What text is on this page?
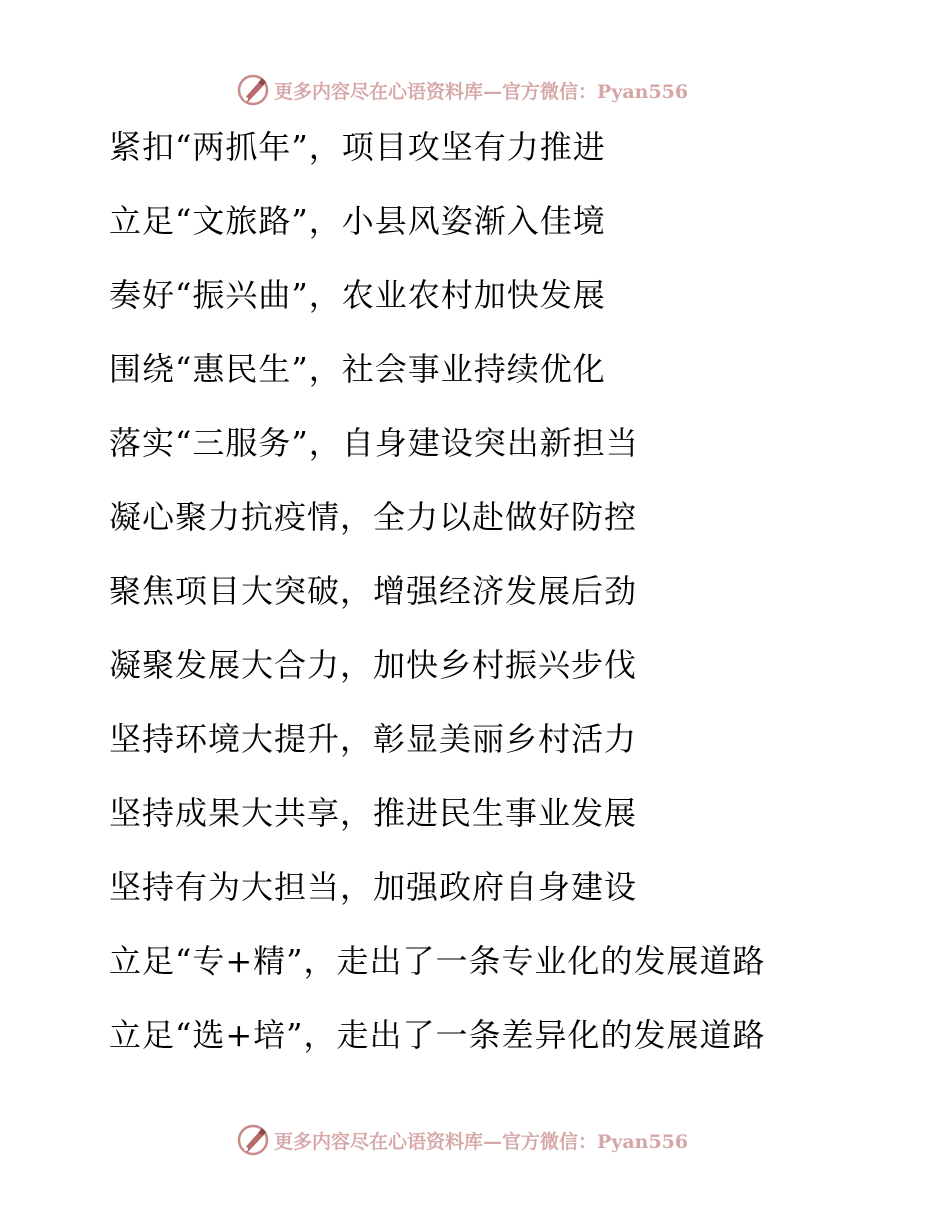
更多内容尽在心语资料库—官方微信：Pyan556
紧扣“两抓年”，项目攻坚有力推进
立足“文旅路”，小县风姿渐入佳境
奏好“振兴曲”，农业农村加快发展
围绕“惠民生”，社会事业持续优化
落实“三服务”，自身建设突出新担当
凝心聚力抗疫情，全力以赴做好防控
聚焦项目大突破，增强经济发展后劲
凝聚发展大合力，加快乡村振兴步伐
坚持环境大提升，彰显美丽乡村活力
坚持成果大共享，推进民生事业发展
坚持有为大担当，加强政府自身建设
立足“专+精”，走出了一条专业化的发展道路
立足“选+培”，走出了一条差异化的发展道路
更多内容尽在心语资料库—官方微信：Pyan556
